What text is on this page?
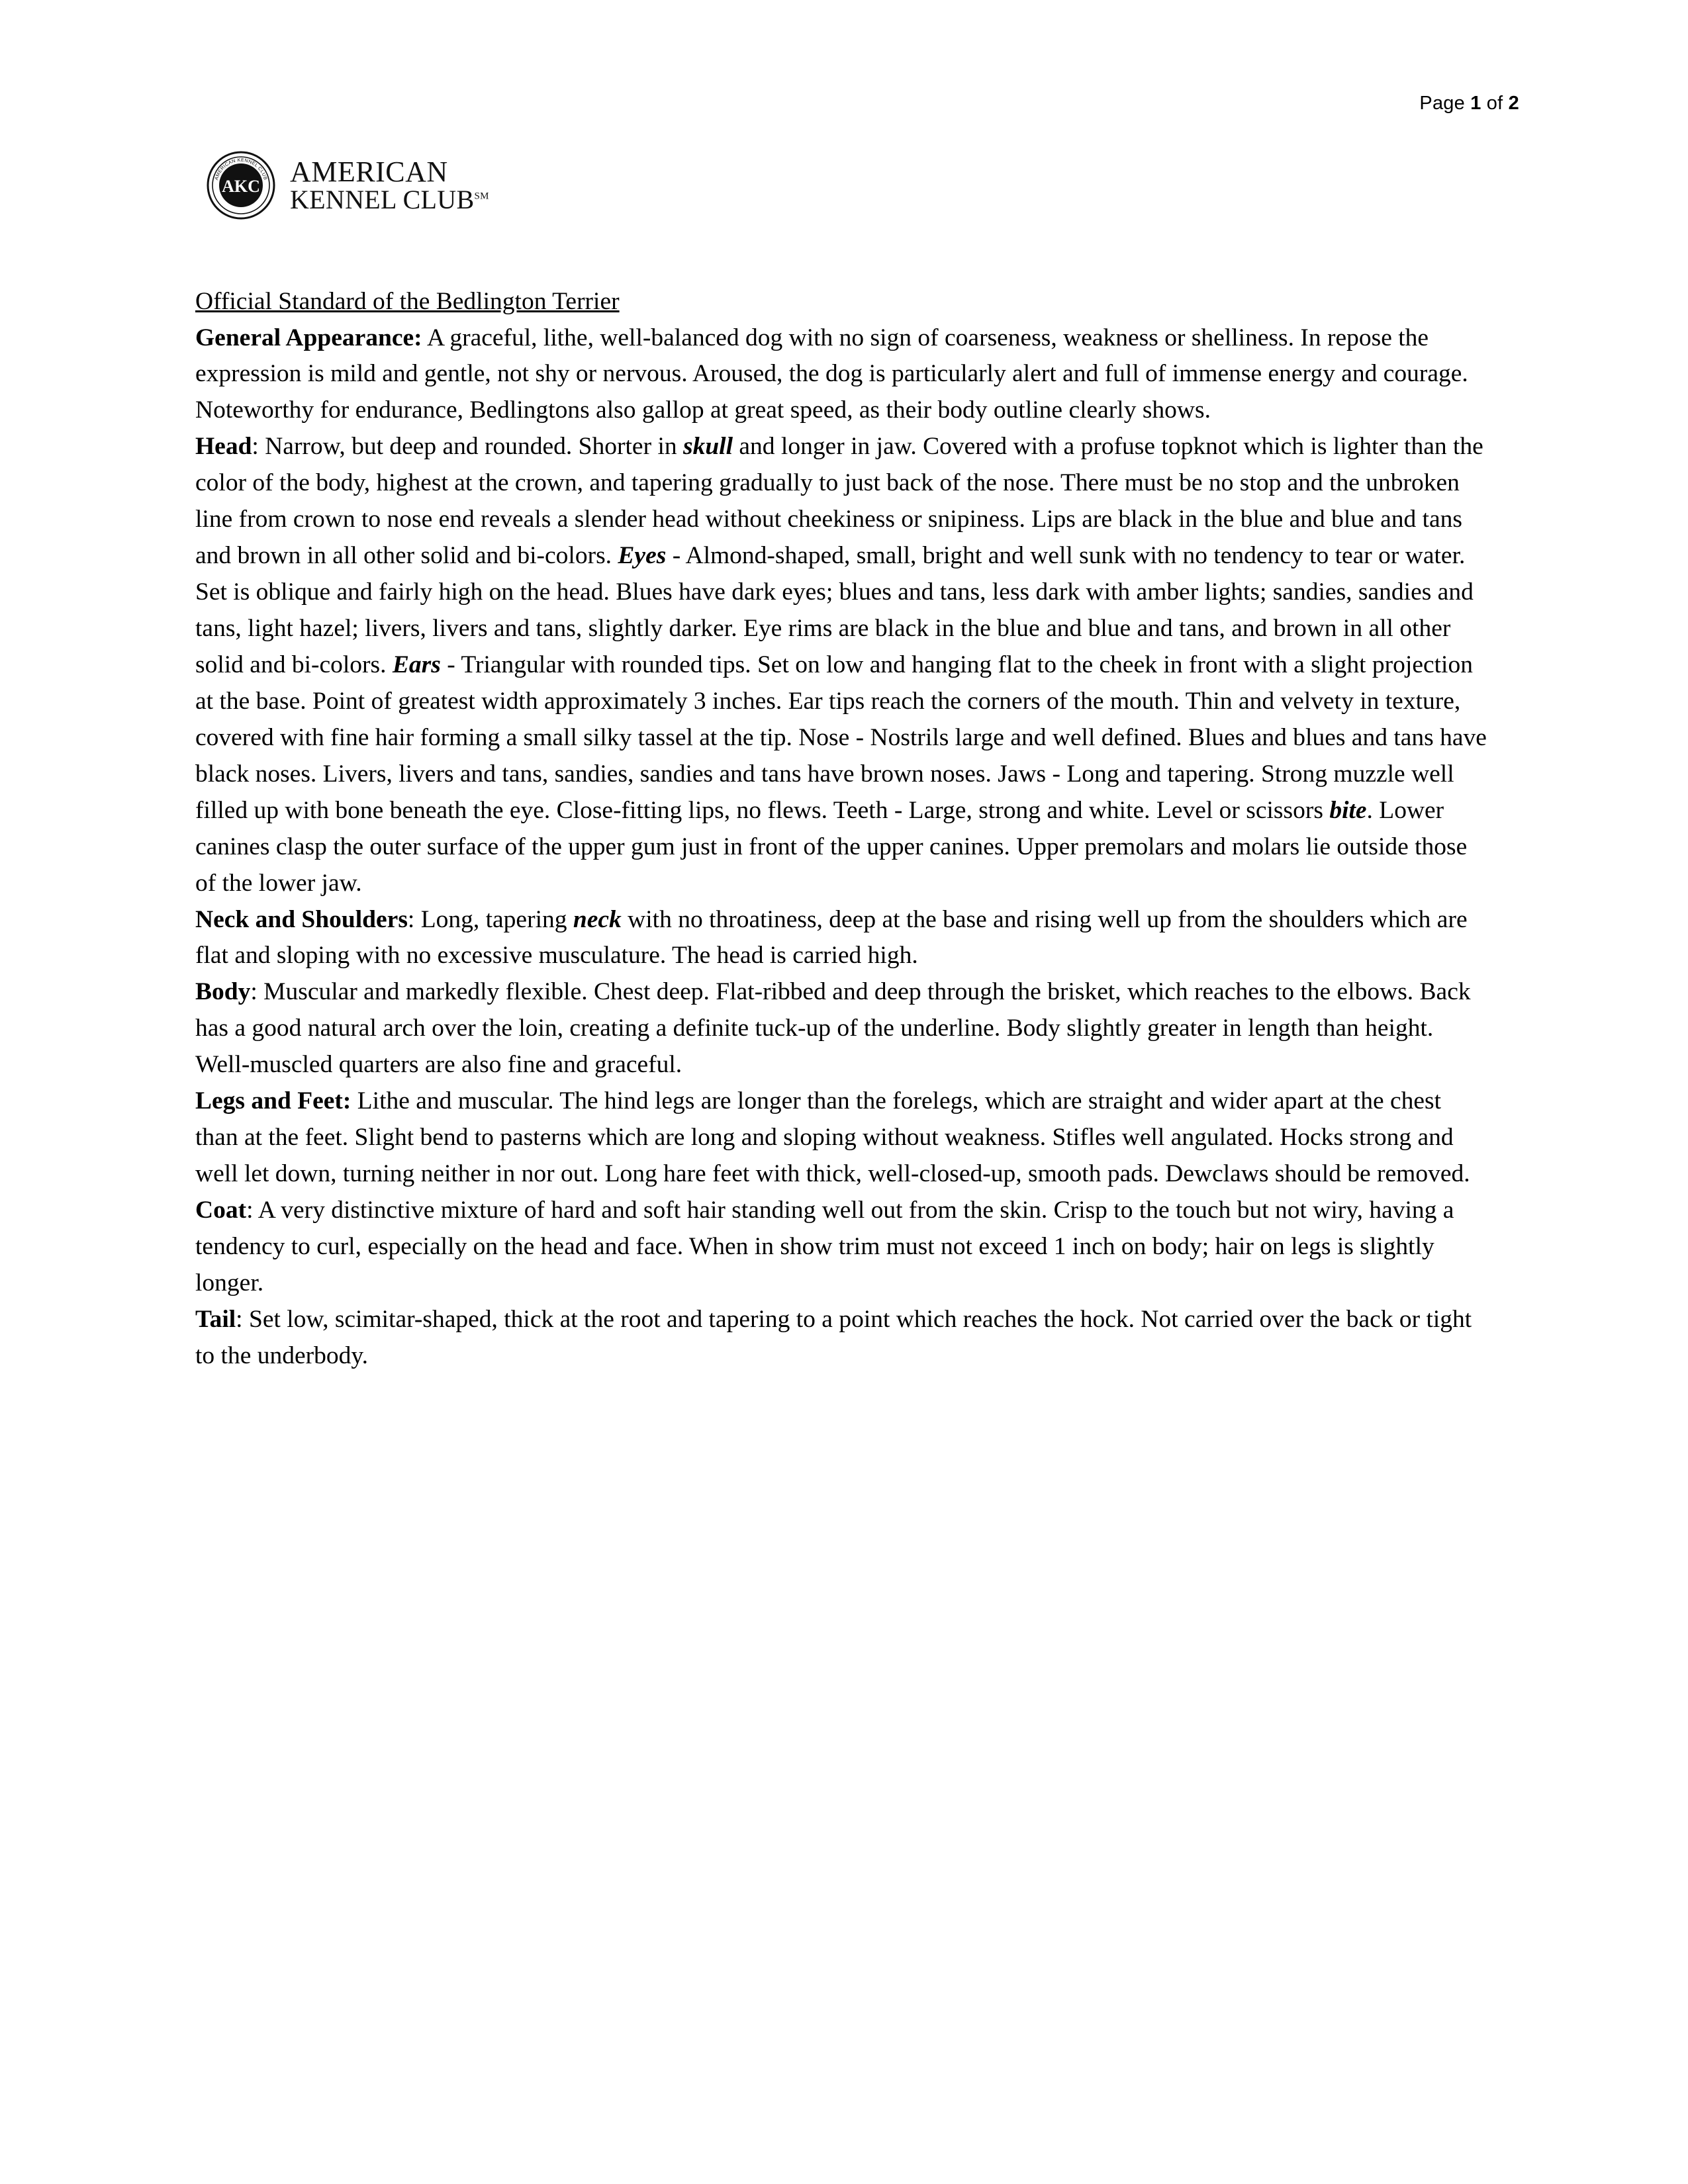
Page 1 of 2
AKC
AMERICAN KENNEL CLUB
FOUNDED 1884
AMERICAN
KENNEL CLUB℠
Official Standard of the Bedlington Terrier

General Appearance: A graceful, lithe, well-balanced dog with no sign of coarseness, weakness or shelliness. In repose the expression is mild and gentle, not shy or nervous. Aroused, the dog is particularly alert and full of immense energy and courage. Noteworthy for endurance, Bedlingtons also gallop at great speed, as their body outline clearly shows.

Head: Narrow, but deep and rounded. Shorter in skull and longer in jaw. Covered with a profuse topknot which is lighter than the color of the body, highest at the crown, and tapering gradually to just back of the nose. There must be no stop and the unbroken line from crown to nose end reveals a slender head without cheekiness or snipiness. Lips are black in the blue and blue and tans and brown in all other solid and bi-colors. Eyes - Almond-shaped, small, bright and well sunk with no tendency to tear or water. Set is oblique and fairly high on the head. Blues have dark eyes; blues and tans, less dark with amber lights; sandies, sandies and tans, light hazel; livers, livers and tans, slightly darker. Eye rims are black in the blue and blue and tans, and brown in all other solid and bi-colors. Ears - Triangular with rounded tips. Set on low and hanging flat to the cheek in front with a slight projection at the base. Point of greatest width approximately 3 inches. Ear tips reach the corners of the mouth. Thin and velvety in texture, covered with fine hair forming a small silky tassel at the tip. Nose - Nostrils large and well defined. Blues and blues and tans have black noses. Livers, livers and tans, sandies, sandies and tans have brown noses. Jaws - Long and tapering. Strong muzzle well filled up with bone beneath the eye. Close-fitting lips, no flews. Teeth - Large, strong and white. Level or scissors bite. Lower canines clasp the outer surface of the upper gum just in front of the upper canines. Upper premolars and molars lie outside those of the lower jaw.

Neck and Shoulders: Long, tapering neck with no throatiness, deep at the base and rising well up from the shoulders which are flat and sloping with no excessive musculature. The head is carried high.

Body: Muscular and markedly flexible. Chest deep. Flat-ribbed and deep through the brisket, which reaches to the elbows. Back has a good natural arch over the loin, creating a definite tuck-up of the underline. Body slightly greater in length than height. Well-muscled quarters are also fine and graceful.

Legs and Feet: Lithe and muscular. The hind legs are longer than the forelegs, which are straight and wider apart at the chest than at the feet. Slight bend to pasterns which are long and sloping without weakness. Stifles well angulated. Hocks strong and well let down, turning neither in nor out. Long hare feet with thick, well-closed-up, smooth pads. Dewclaws should be removed.

Coat: A very distinctive mixture of hard and soft hair standing well out from the skin. Crisp to the touch but not wiry, having a tendency to curl, especially on the head and face. When in show trim must not exceed 1 inch on body; hair on legs is slightly longer.

Tail: Set low, scimitar-shaped, thick at the root and tapering to a point which reaches the hock. Not carried over the back or tight to the underbody.
